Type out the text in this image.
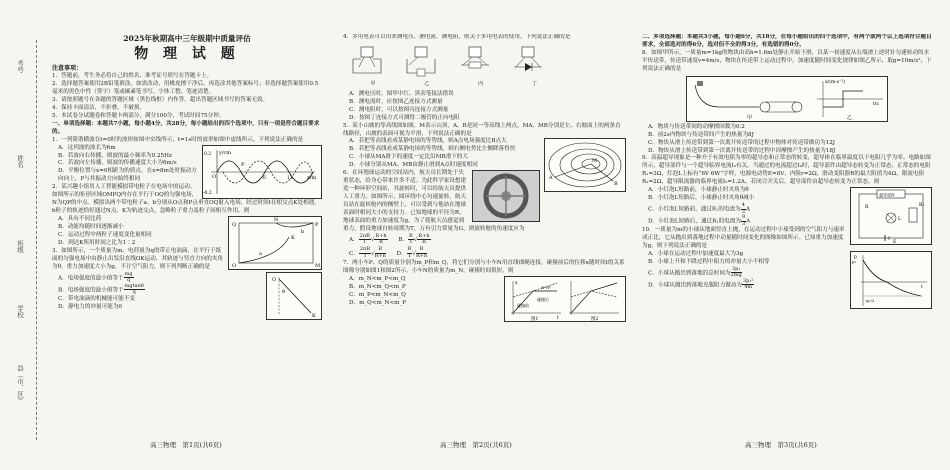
考号
姓名
班级
学校
县（市、区）
2025年秋期高中三年级期中质量评估
物 理 试 题
注意事项：

1．答题前，考生务必将自己的姓名、准考证号填写在答题卡上。

2．选择题答案使用2B铅笔填涂，如需改动，用橡皮擦干净后，再选涂其他答案标号；非选择题答案使用0.5毫米的黑色中性（签字）笔或碳素笔书写，字体工整、笔迹清楚。

3．请按照题号在各题的答题区域（黑色线框）内作答，超出答题区域书写的答案无效。

4．保持卡面清洁，不折叠，不破损。

5．本试卷分试题卷和答题卡两部分，满分100分，考试时间75分钟。

一、单项选择题：本题共7小题，每小题4分，共28分，每小题给出的四个选项中，只有一项是符合题目要求的。

1．一列简谐横波在t=0时的波形如图中实线所示，t=1s时的波形如图中虚线所示，下列说法正确的是

y/cm
x/m
O
0.2
-0.2
P
6	12

A．这列波的波长为6m

B．若波向右传播，则波的最小频率为0.25Hz

C．若波向左传播，则波的传播速度大小为6m/s

D．平衡位置与x=0相距为的质点，在x=8m处时振动方向向上，P与其振动方向始终相同

2．某兴趣小组用人工智能模拟带电粒子在电场中的运动。如图所示的矩形区域OMPQ内存在平行于OQ的匀强电场，N为QP的中点。模拟出两个带电粒子a、b分别从O点和P点垂直OQ射入电场，经过时间t在相交点K处相遇。b粒子的轨迹恰好通过N点，K为轨迹交点，忽略粒子重力及粒子间相互作用，则

Q
N
P
K
O	M
a
b

A．具有不同比荷

B．动能均随时间逐渐减小

C．运动过程中两粒子速度变化量相同

D．到达K所用时间之比为1∶2

3．如图所示，一个质量为m、电荷量为q的带正电油滴，在平行于纸面的匀强电场中由静止出发沿直线OK运动，其轨迹与竖直方向的夹角为θ，重力加速度大小为g，不计空气阻力，则下列判断正确的是

O
θ
K

A．电场强度的最小值等于 $\frac{mg}{q}$

B．电场强度的最小值等于 $\frac{mgtan\theta}{q}$

C．带电油滴的机械能可能不变

D．静电力的冲量可能为0

4．多用电表可以用来测电压、测电流、测电阻，则关于多用电表的使用，下列说法正确的是

甲
	乙
	丙
	丁

A．测电压时，图甲中红、黑表笔接法错误

B．测电流时，应按图乙连接方式测量

C．测电阻时，可以按图丙连接方式测量

D．按图丁连接方式可测得二极管的正向电阻

5．某小山坡的等高线图如图，M表示山顶，A、B是同一等高线上两点，MA、MB分别是左、右坡面上的两条直线路径，山坡的表面可视为平滑，下列说法正确的是

M
A
B

A．若把等高线看成某静电场的等势线，则A点电场强度比B点大

B．若把等高线看成某静电场的等势线，则右侧电势比左侧降落得快

C．小球从MA滑下的速度一定比沿MB滑下的大

D．小球分别从MA、MB由静止滑到A点时速度相同

6．在环地球运动的空间站内，航天员长期处于失重状态，给身心带来许多不适。为此科学家设想建造一种环形空间站，其旋转时，可以给航天员提供人工重力。如图所示，圆环绕中心匀速旋转，航天员站在旋转舱内的侧壁上，可以受到与他站在地球表面时相同大小的支持力。已知地球的半径为R，地球表面的重力加速度为g，为了使航天员感觉到重力，假设地球自转周期为T，万有引力常量为G，则旋转舱的角速度应为

A． $\frac{2\pi R}{T}$ √ $\frac{R+h}{R}$ B． $\frac{R}{T}$ √ $\frac{R+h}{R}$

C． $\frac{2\pi R}{T}$ √ $\frac{R}{R+h}$ D． $\frac{R}{T}$ √ $\frac{R}{R+h}$

7．两小车P、Q的质量分别为m_P和m_Q，将它们分别与小车N用直线细绳连接，碰撞前后的位移x随时间t的关系图像分别如图1和图2所示。小车N的质量为m_N，碰撞时间很短，则

x
t
N+P
碰撞前
碰撞后
图1	图2

A．m_N<m_P<m_Q

B．m_N<m_Q<m_P

C．m_P<m_N<m_Q

D．m_Q<m_N<m_P

二、多项选择题：本题共3小题，每小题6分，共18分，在每小题给出的四个选项中，有两个或两个以上选项符合题目要求，全部选对的得6分，选对但不全的得3分，有选错的得0分。

8．如图甲所示，一质量m=1kg的物块由高h=1.6m处静止开始下滑，以某一初速度从右端滑上逆时针匀速转动的水平传送带，传送带速度v=4m/s，物块在传送带上运动过程中，加速度随时间变化规律如图乙所示，取g=10m/s²，下列说法正确的是

甲	乙
a/(m·s⁻²)
t/s

A．物块与传送带间的动摩擦因数为0.2

B．前2s内物块与传送带间产生的热量为8J

C．物块从滑上传送带到第一次离开传送带的过程中物体对传送带做功为12J

D．物块从滑上传送带到第一次离开传送带的过程中因摩擦产生的热量为18J

9．高温超导现象是一种介于有效电阻为零的超导态和正常态的转变，超导体在临界温度以下电阻几乎为零。电路如图所示，超导部件与一个超导临界电流I₀有关，当通过的电流超过I₀时，超导部件由超导态转变为正常态，正常态的电阻R₁=3Ω，灯泡L上标有“6V 6W”字样，电源电动势E=8V、内阻r=2Ω，滑动变阻器R的最大阻值为4Ω，限流电阻R₂=2Ω，超导限流器的临界电流I₀=1.2A，若闭合开关后，超导部件由超导态转变为正常态，则

超导部件
R₁
R
L
E

A．小灯泡L短路前，小球静止时夹角为θ

B．小灯泡L短路后，小球静止时夹角θ减小

C．小灯泡L短路前，通过R₁的电流为 $\frac{4}{3}$ A

D．小灯泡L短路后，通过R₁的电流为 $\frac{8}{3}$ A

10．一质量为m的小球从地面竖直上抛，在运动过程中小球受到的空气阻力与速率成正比，它从抛出到落地过程中动量随时间变化的图像如图所示。已知重力加速度为g，则下列说法正确的是

p
p₁
t
-p₁/2

A．小球在运动过程中加速度最大为3g

B．小球上升和下降过程中阻力的冲量大小不相等

C．小球从抛出到落地的总时间为 $\frac{\text{3p₁}}{2mg}$

D．小球从抛出到落地克服阻力做功为 $\frac{\text{3p₁²}}{4m}$

高三物理　第1页(共6页)	高三物理　第2页(共6页)	高三物理　第3页(共6页)
